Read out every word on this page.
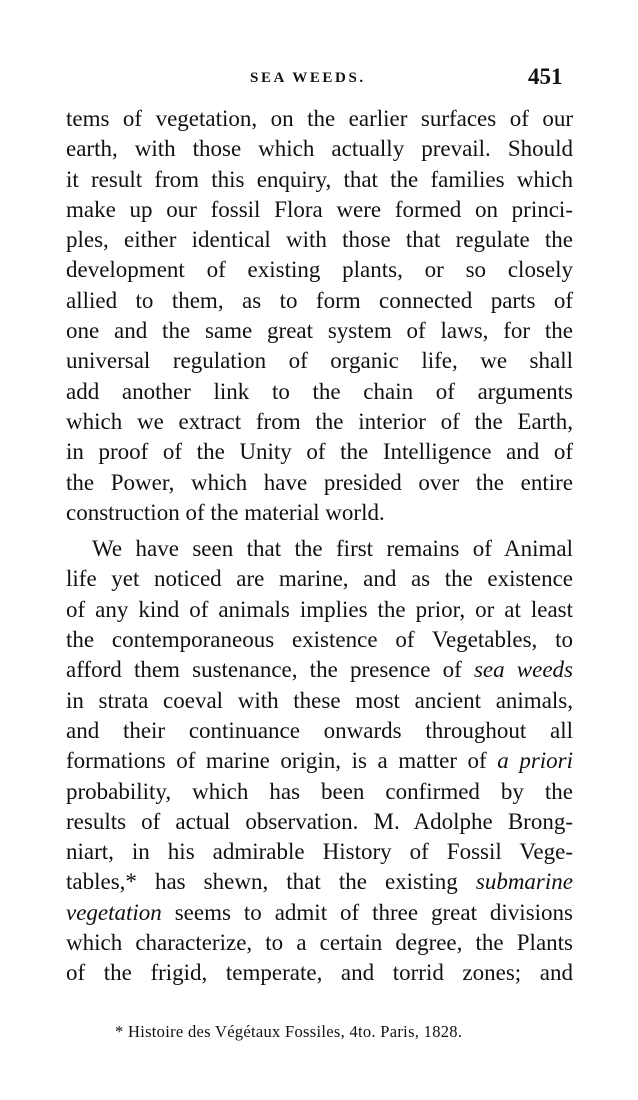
SEA WEEDS.	451
tems of vegetation, on the earlier surfaces of our
earth, with those which actually prevail. Should
it result from this enquiry, that the families which
make up our fossil Flora were formed on princi-
ples, either identical with those that regulate the
development of existing plants, or so closely
allied to them, as to form connected parts of
one and the same great system of laws, for the
universal regulation of organic life, we shall
add another link to the chain of arguments
which we extract from the interior of the Earth,
in proof of the Unity of the Intelligence and of
the Power, which have presided over the entire
construction of the material world.
We have seen that the first remains of Animal
life yet noticed are marine, and as the existence
of any kind of animals implies the prior, or at least
the contemporaneous existence of Vegetables, to
afford them sustenance, the presence of sea weeds
in strata coeval with these most ancient animals,
and their continuance onwards throughout all
formations of marine origin, is a matter of a priori
probability, which has been confirmed by the
results of actual observation. M. Adolphe Brong-
niart, in his admirable History of Fossil Vege-
tables,* has shewn, that the existing submarine
vegetation seems to admit of three great divisions
which characterize, to a certain degree, the Plants
of the frigid, temperate, and torrid zones; and
* Histoire des Végétaux Fossiles, 4to. Paris, 1828.
